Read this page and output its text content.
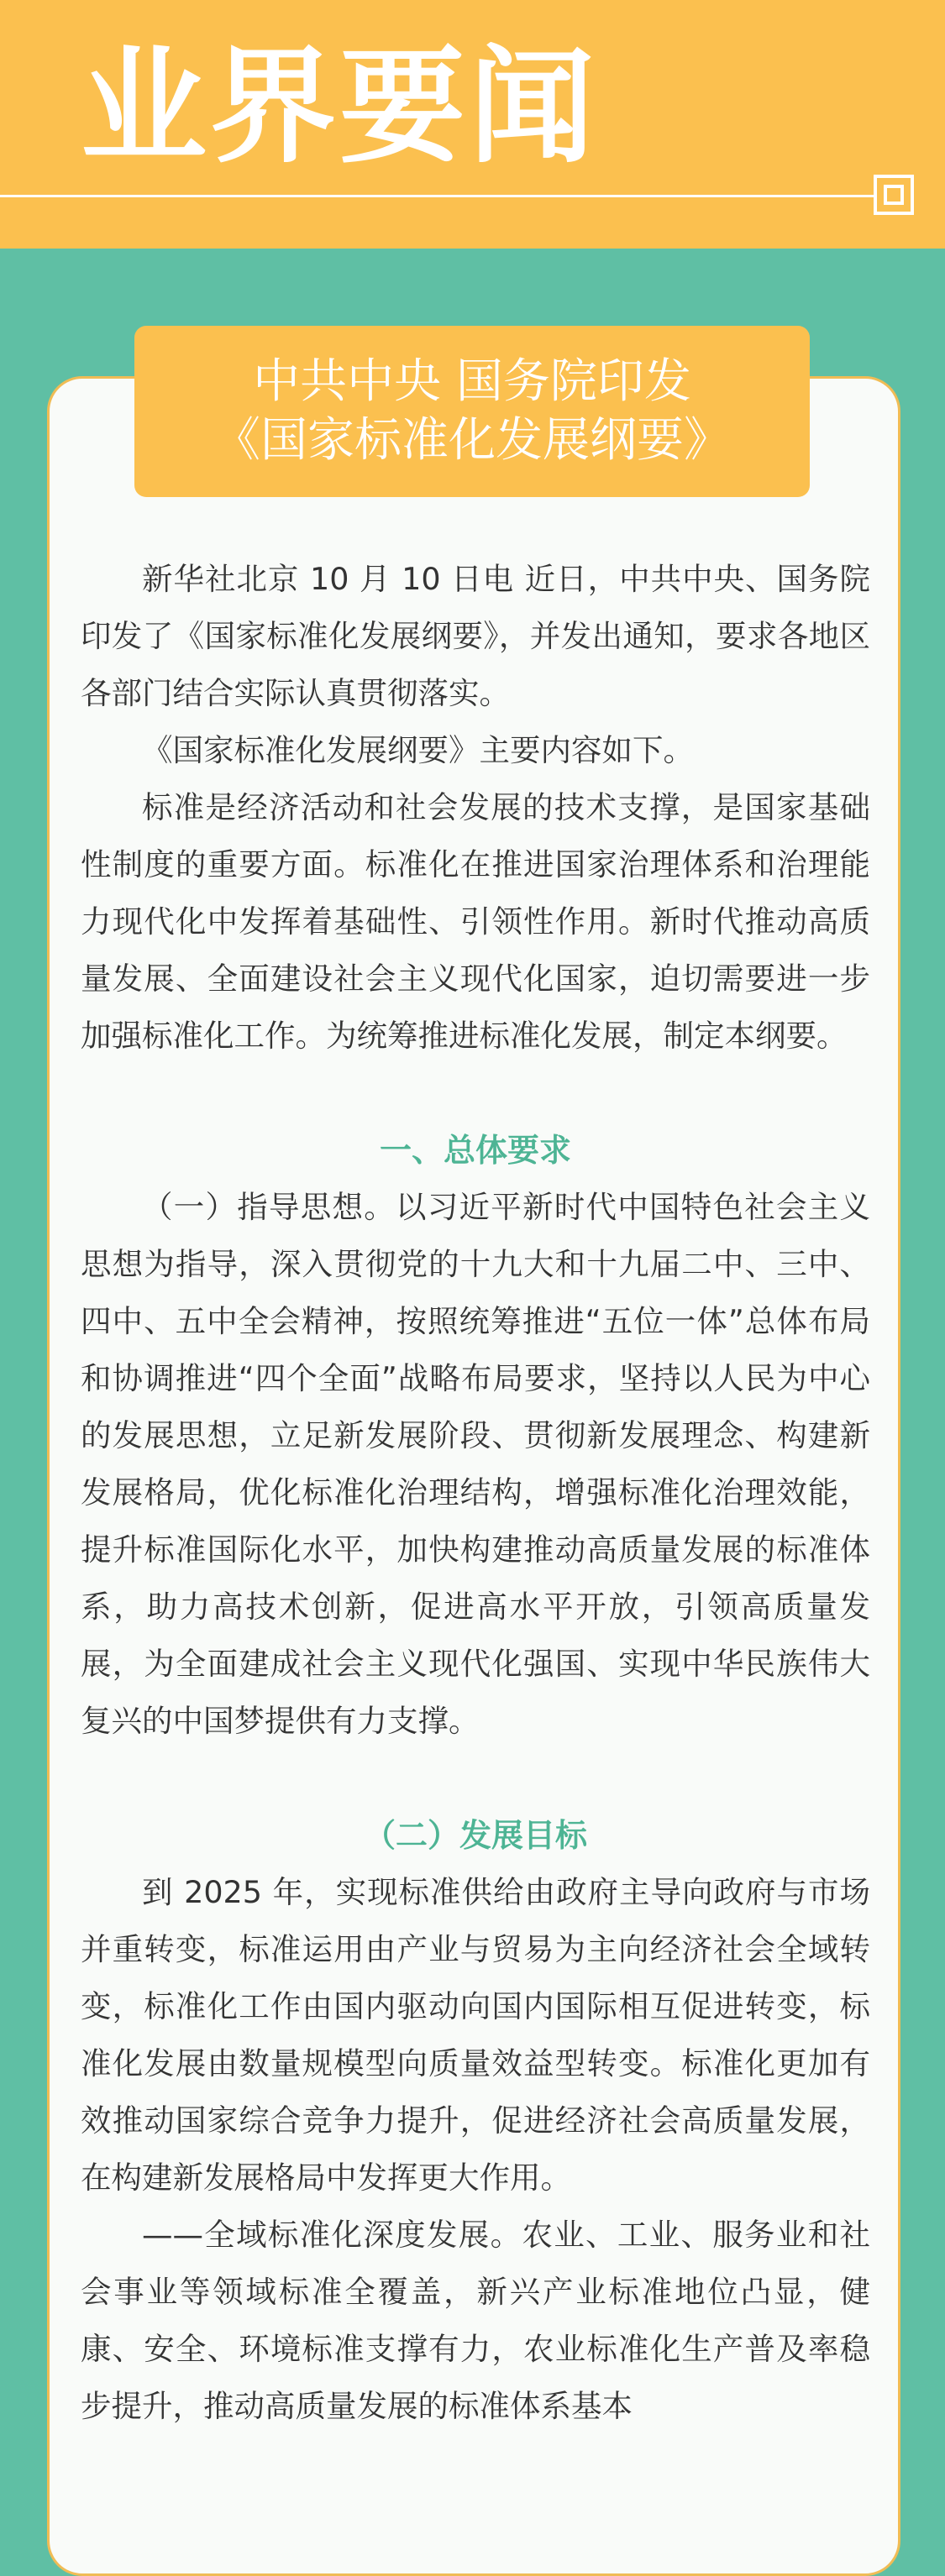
业界要闻
中共中央 国务院印发
《国家标准化发展纲要》

新华社北京 10 月 10 日电 近日，中共中央、国务院印发了《国家标准化发展纲要》，并发出通知，要求各地区各部门结合实际认真贯彻落实。

《国家标准化发展纲要》主要内容如下。

标准是经济活动和社会发展的技术支撑，是国家基础性制度的重要方面。标准化在推进国家治理体系和治理能力现代化中发挥着基础性、引领性作用。新时代推动高质量发展、全面建设社会主义现代化国家，迫切需要进一步加强标准化工作。为统筹推进标准化发展，制定本纲要。

一、总体要求

（一）指导思想。以习近平新时代中国特色社会主义思想为指导，深入贯彻党的十九大和十九届二中、三中、四中、五中全会精神，按照统筹推进“五位一体”总体布局和协调推进“四个全面”战略布局要求，坚持以人民为中心的发展思想，立足新发展阶段、贯彻新发展理念、构建新发展格局，优化标准化治理结构，增强标准化治理效能，提升标准国际化水平，加快构建推动高质量发展的标准体系，助力高技术创新，促进高水平开放，引领高质量发展，为全面建成社会主义现代化强国、实现中华民族伟大复兴的中国梦提供有力支撑。

（二）发展目标

到 2025 年，实现标准供给由政府主导向政府与市场并重转变，标准运用由产业与贸易为主向经济社会全域转变，标准化工作由国内驱动向国内国际相互促进转变，标准化发展由数量规模型向质量效益型转变。标准化更加有效推动国家综合竞争力提升，促进经济社会高质量发展，在构建新发展格局中发挥更大作用。

——全域标准化深度发展。农业、工业、服务业和社会事业等领域标准全覆盖，新兴产业标准地位凸显，健康、安全、环境标准支撑有力，农业标准化生产普及率稳步提升，推动高质量发展的标准体系基本
